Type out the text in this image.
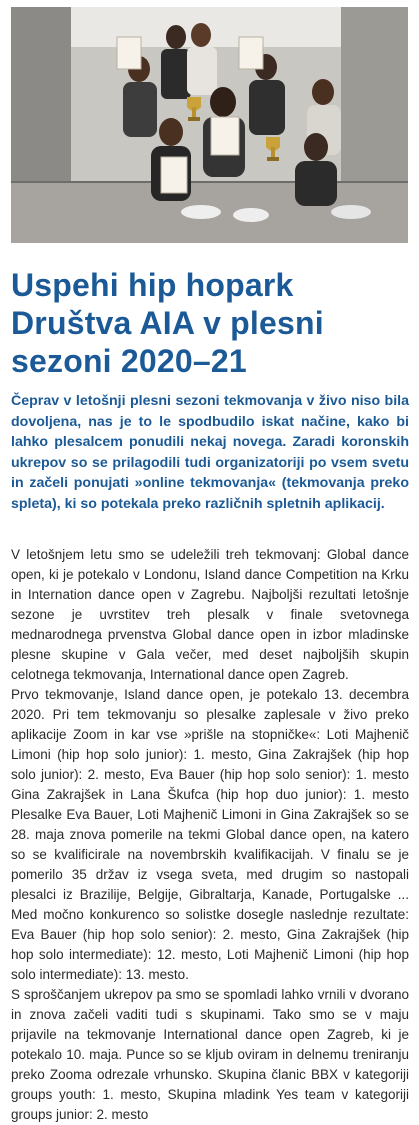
Uspehi hip hopark
Društva AIA v plesni
sezoni 2020–21

Čeprav v letošnji plesni sezoni tekmovanja v živo niso bila dovoljena, nas je to le spodbudilo iskat načine, kako bi lahko plesalcem ponudili nekaj novega. Zaradi koronskih ukrepov so se prilagodili tudi organizatoriji po vsem svetu in začeli ponujati »online tekmovanja« (tekmovanja preko spleta), ki so potekala preko različnih spletnih aplikacij.

V letošnjem letu smo se udeležili treh tekmovanj: Global dance open, ki je potekalo v Londonu, Island dance Competition na Krku in Internation dance open v Zagrebu. Najboljši rezultati letošnje sezone je uvrstitev treh plesalk v finale svetovnega mednarodnega prvenstva Global dance open in izbor mladinske plesne skupine v Gala večer, med deset najboljših skupin celotnega tekmovanja, International dance open Zagreb.

Prvo tekmovanje, Island dance open, je potekalo 13. decembra 2020. Pri tem tekmovanju so plesalke zaplesale v živo preko aplikacije Zoom in kar vse »prišle na stopničke«: Loti Majhenič Limoni (hip hop solo junior): 1. mesto, Gina Zakrajšek (hip hop solo junior): 2. mesto, Eva Bauer (hip hop solo senior): 1. mesto Gina Zakrajšek in Lana Škufca (hip hop duo junior): 1. mesto Plesalke Eva Bauer, Loti Majhenič Limoni in Gina Zakrajšek so se 28. maja znova pomerile na tekmi Global dance open, na katero so se kvalificirale na novembrskih kvalifikacijah. V finalu se je pomerilo 35 držav iz vsega sveta, med drugim so nastopali plesalci iz Brazilije, Belgije, Gibraltarja, Kanade, Portugalske ... Med močno konkurenco so solistke dosegle naslednje rezultate: Eva Bauer (hip hop solo senior): 2. mesto, Gina Zakrajšek (hip hop solo intermediate): 12. mesto, Loti Majhenič Limoni (hip hop solo intermediate): 13. mesto.

S sproščanjem ukrepov pa smo se spomladi lahko vrnili v dvorano in znova začeli vaditi tudi s skupinami. Tako smo se v maju prijavile na tekmovanje International dance open Zagreb, ki je potekalo 10. maja. Punce so se kljub oviram in delnemu treniranju preko Zooma odrezale vrhunsko. Skupina članic BBX v kategoriji groups youth: 1. mesto, Skupina mladink Yes team v kategoriji groups junior: 2. mesto
